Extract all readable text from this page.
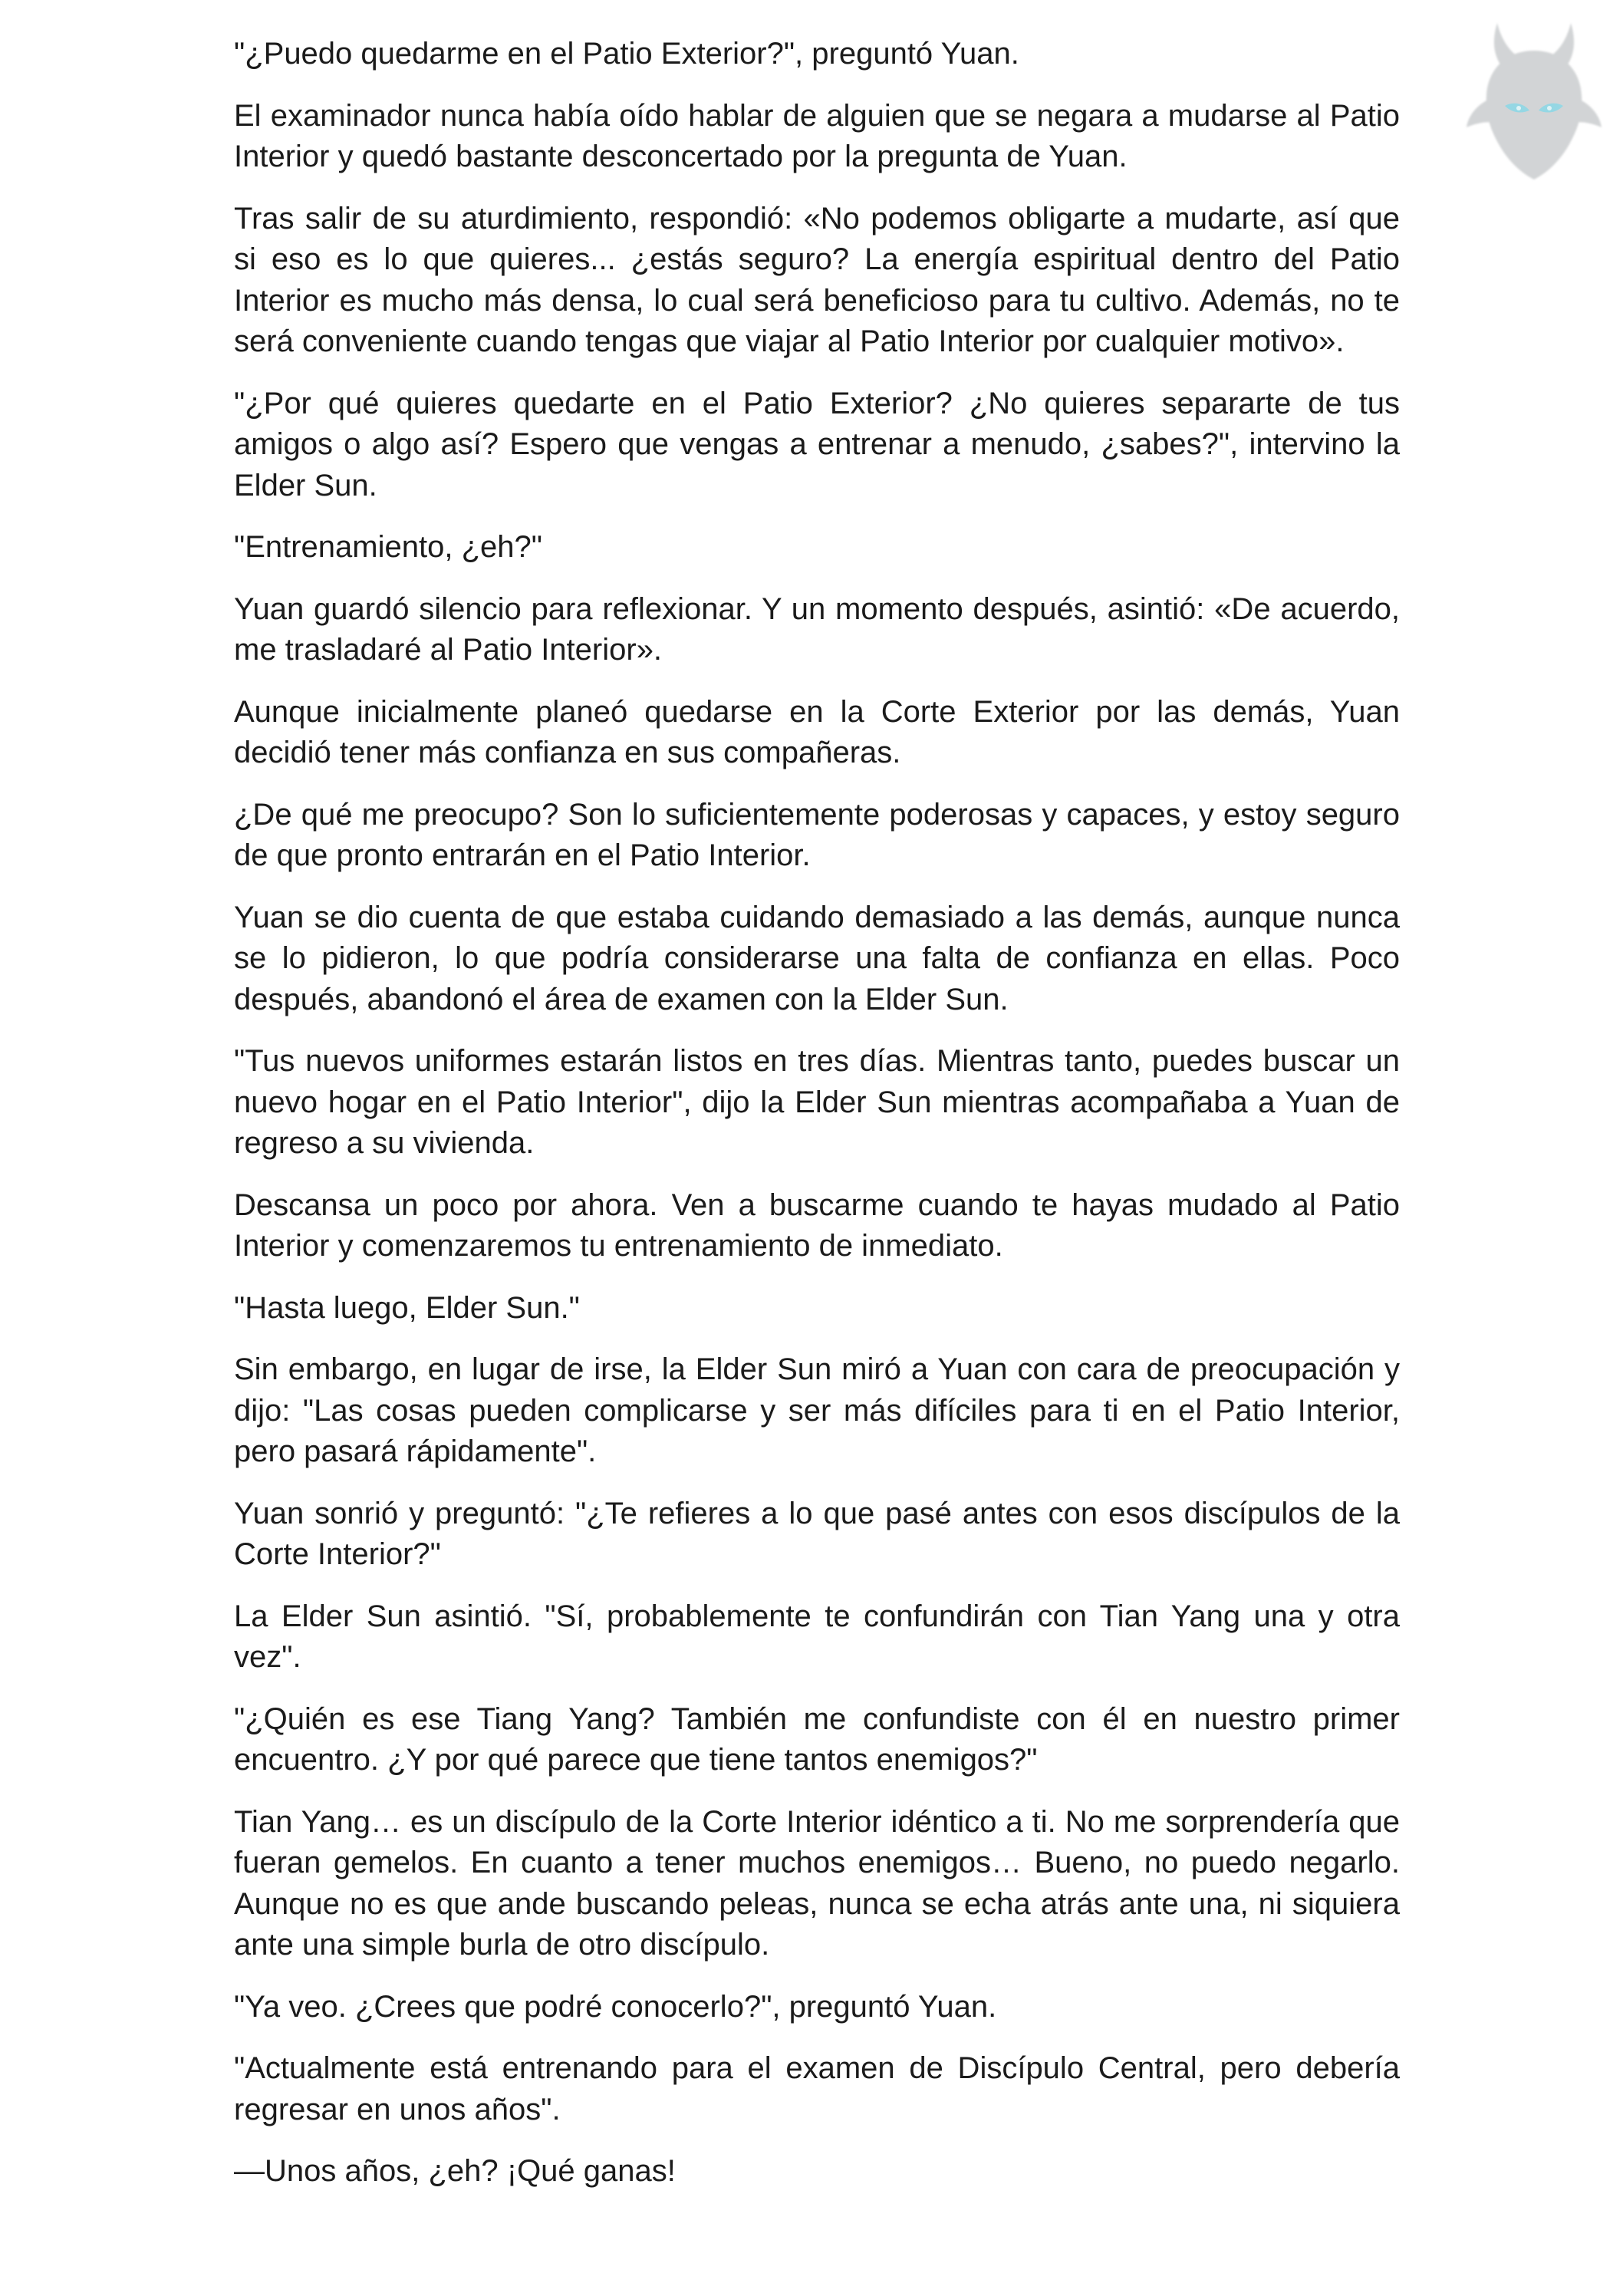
"¿Puedo quedarme en el Patio Exterior?", preguntó Yuan.

El examinador nunca había oído hablar de alguien que se negara a mudarse al Patio Interior y quedó bastante desconcertado por la pregunta de Yuan.

Tras salir de su aturdimiento, respondió: «No podemos obligarte a mudarte, así que si eso es lo que quieres... ¿estás seguro? La energía espiritual dentro del Patio Interior es mucho más densa, lo cual será beneficioso para tu cultivo. Además, no te será conveniente cuando tengas que viajar al Patio Interior por cualquier motivo».

"¿Por qué quieres quedarte en el Patio Exterior? ¿No quieres separarte de tus amigos o algo así? Espero que vengas a entrenar a menudo, ¿sabes?", intervino la Elder Sun.

"Entrenamiento, ¿eh?"

Yuan guardó silencio para reflexionar. Y un momento después, asintió: «De acuerdo, me trasladaré al Patio Interior».

Aunque inicialmente planeó quedarse en la Corte Exterior por las demás, Yuan decidió tener más confianza en sus compañeras.

¿De qué me preocupo? Son lo suficientemente poderosas y capaces, y estoy seguro de que pronto entrarán en el Patio Interior.

Yuan se dio cuenta de que estaba cuidando demasiado a las demás, aunque nunca se lo pidieron, lo que podría considerarse una falta de confianza en ellas. Poco después, abandonó el área de examen con la Elder Sun.

"Tus nuevos uniformes estarán listos en tres días. Mientras tanto, puedes buscar un nuevo hogar en el Patio Interior", dijo la Elder Sun mientras acompañaba a Yuan de regreso a su vivienda.

Descansa un poco por ahora. Ven a buscarme cuando te hayas mudado al Patio Interior y comenzaremos tu entrenamiento de inmediato.

"Hasta luego, Elder Sun."

Sin embargo, en lugar de irse, la Elder Sun miró a Yuan con cara de preocupación y dijo: "Las cosas pueden complicarse y ser más difíciles para ti en el Patio Interior, pero pasará rápidamente".

Yuan sonrió y preguntó: "¿Te refieres a lo que pasé antes con esos discípulos de la Corte Interior?"

La Elder Sun asintió. "Sí, probablemente te confundirán con Tian Yang una y otra vez".

"¿Quién es ese Tiang Yang? También me confundiste con él en nuestro primer encuentro. ¿Y por qué parece que tiene tantos enemigos?"

Tian Yang… es un discípulo de la Corte Interior idéntico a ti. No me sorprendería que fueran gemelos. En cuanto a tener muchos enemigos… Bueno, no puedo negarlo. Aunque no es que ande buscando peleas, nunca se echa atrás ante una, ni siquiera ante una simple burla de otro discípulo.

"Ya veo. ¿Crees que podré conocerlo?", preguntó Yuan.

"Actualmente está entrenando para el examen de Discípulo Central, pero debería regresar en unos años".

—Unos años, ¿eh? ¡Qué ganas!
